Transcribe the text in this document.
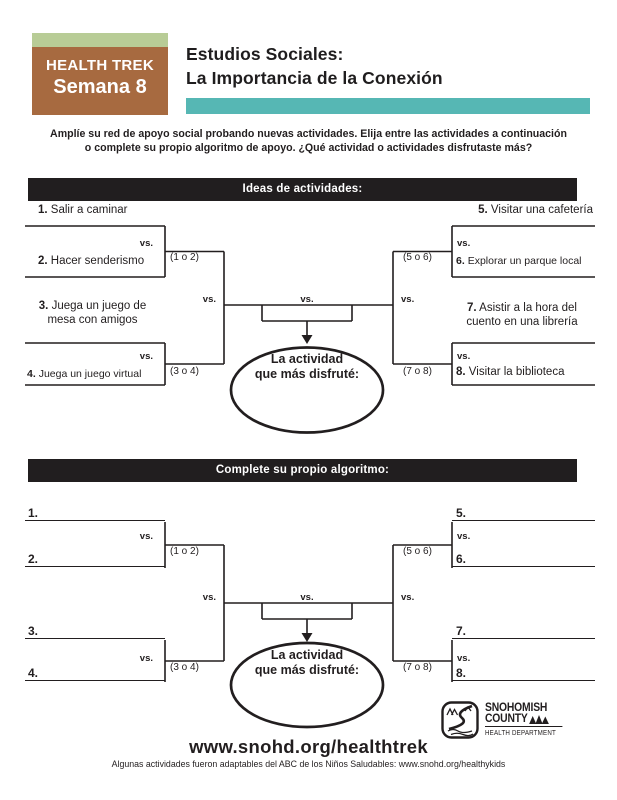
HEALTH TREK
Semana 8
Estudios Sociales:
La Importancia de la Conexión
Amplíe su red de apoyo social probando nuevas actividades. Elija entre las actividades a continuación
o complete su propio algoritmo de apoyo. ¿Qué actividad o actividades disfrutaste más?
Ideas de actividades:
Complete su propio algoritmo:
1. Salir a caminar
vs.
2. Hacer senderismo	(1 o 2)
3. Juega un juego de mesa con amigos
vs.
4. Juega un juego virtual	(3 o 4)
5. Visitar una cafetería
vs.
6. Explorar un parque local
(5 o 6)
7. Asistir a la hora del cuento en una librería
vs.
8. Visitar la biblioteca
(7 o 8)
vs.	vs.	vs.
La actividad
que más disfruté:
1.
vs.
2.
(1 o 2)
3.
vs.
4.	(3 o 4)
5.
vs.
6.
(5 o 6)
7.
vs.
8.
(7 o 8)
vs.	vs.	vs.
La actividad
que más disfruté:
SNOHOMISH
COUNTY
HEALTH DEPARTMENT
www.snohd.org/healthtrek
Algunas actividades fueron adaptables del ABC de los Niños Saludables: www.snohd.org/healthykids
